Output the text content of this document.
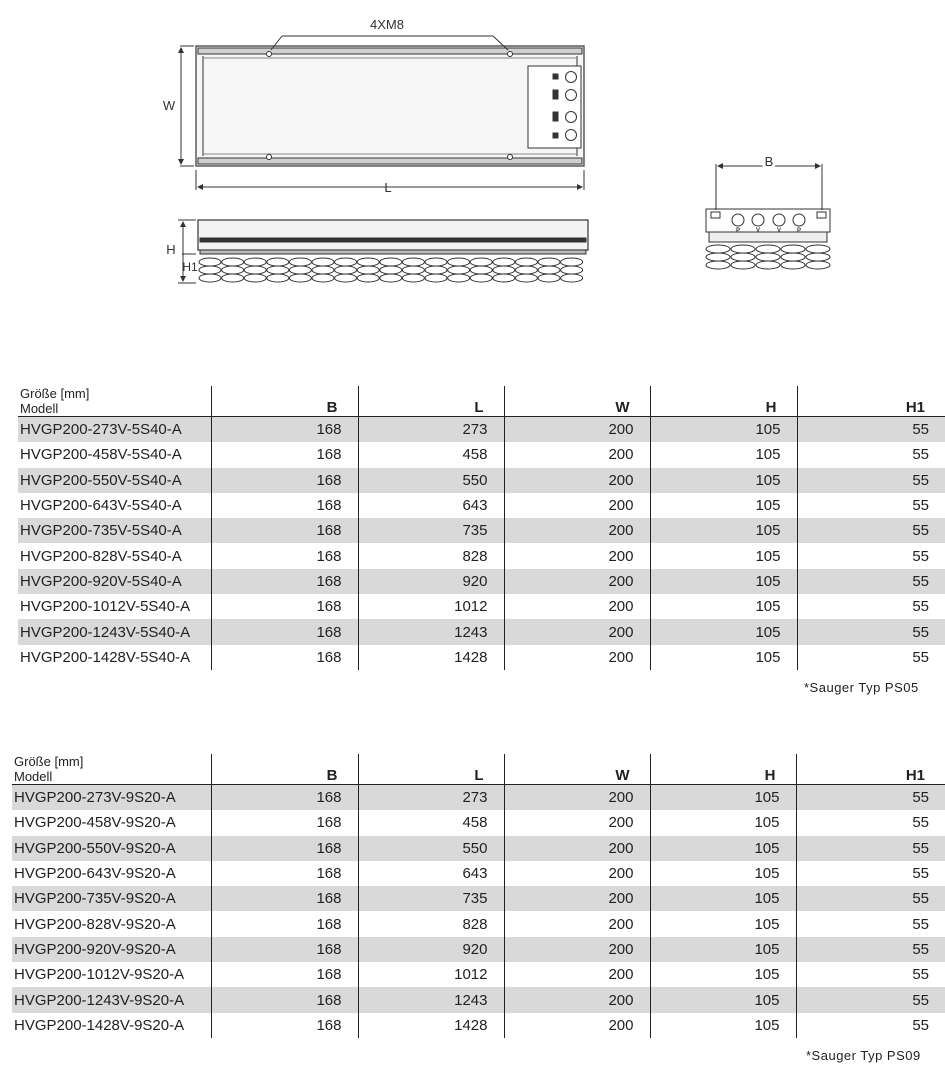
4XM8
W
L
H
H1
P	V	V	P
B
Größe [mm]
Modell	B	L	W	H	H1
HVGP200-273V-5S40-A	168	273	200	105	55
HVGP200-458V-5S40-A	168	458	200	105	55
HVGP200-550V-5S40-A	168	550	200	105	55
HVGP200-643V-5S40-A	168	643	200	105	55
HVGP200-735V-5S40-A	168	735	200	105	55
HVGP200-828V-5S40-A	168	828	200	105	55
HVGP200-920V-5S40-A	168	920	200	105	55
HVGP200-1012V-5S40-A	168	1012	200	105	55
HVGP200-1243V-5S40-A	168	1243	200	105	55
HVGP200-1428V-5S40-A	168	1428	200	105	55
*Sauger Typ PS05
Größe [mm]
Modell	B	L	W	H	H1
HVGP200-273V-9S20-A	168	273	200	105	55
HVGP200-458V-9S20-A	168	458	200	105	55
HVGP200-550V-9S20-A	168	550	200	105	55
HVGP200-643V-9S20-A	168	643	200	105	55
HVGP200-735V-9S20-A	168	735	200	105	55
HVGP200-828V-9S20-A	168	828	200	105	55
HVGP200-920V-9S20-A	168	920	200	105	55
HVGP200-1012V-9S20-A	168	1012	200	105	55
HVGP200-1243V-9S20-A	168	1243	200	105	55
HVGP200-1428V-9S20-A	168	1428	200	105	55
*Sauger Typ PS09
